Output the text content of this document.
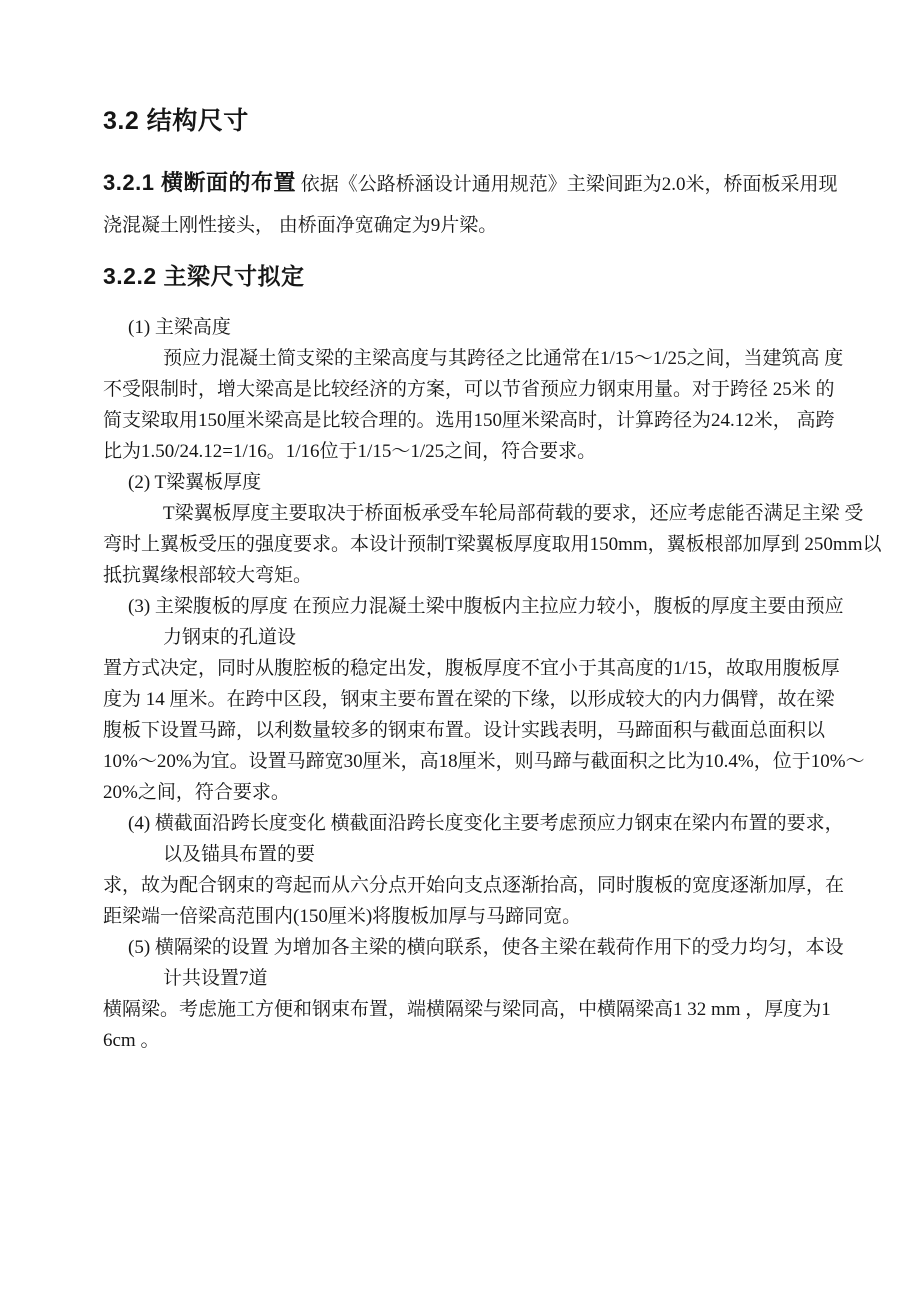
3.2 结构尺寸
3.2.1 横断面的布置 依据《公路桥涵设计通用规范》主梁间距为2.0米，桥面板采用现
浇混凝土刚性接头， 由桥面净宽确定为9片梁。
3.2.2 主梁尺寸拟定
(1) 主梁高度
预应力混凝土简支梁的主梁高度与其跨径之比通常在1/15〜1/25之间，当建筑高 度
不受限制时，增大梁高是比较经济的方案，可以节省预应力钢束用量。对于跨径 25米 的
简支梁取用150厘米梁高是比较合理的。选用150厘米梁高时，计算跨径为24.12米， 高跨
比为1.50/24.12=1/16。1/16位于1/15〜1/25之间，符合要求。
(2) T梁翼板厚度
T梁翼板厚度主要取决于桥面板承受车轮局部荷载的要求，还应考虑能否满足主梁 受
弯时上翼板受压的强度要求。本设计预制T梁翼板厚度取用150mm，翼板根部加厚到 250mm以
抵抗翼缘根部较大弯矩。
(3) 主梁腹板的厚度 在预应力混凝土梁中腹板内主拉应力较小，腹板的厚度主要由预应
力钢束的孔道设
置方式决定，同时从腹腔板的稳定出发，腹板厚度不宜小于其高度的1/15，故取用腹板厚
度为 14 厘米。在跨中区段，钢束主要布置在梁的下缘，以形成较大的内力偶臂，故在梁
腹板下设置马蹄，以利数量较多的钢束布置。设计实践表明，马蹄面积与截面总面积以
10%〜20%为宜。设置马蹄宽30厘米，高18厘米，则马蹄与截面积之比为10.4%，位于10%〜
20%之间，符合要求。
(4) 横截面沿跨长度变化 横截面沿跨长度变化主要考虑预应力钢束在梁内布置的要求，
以及锚具布置的要
求，故为配合钢束的弯起而从六分点开始向支点逐渐抬高，同时腹板的宽度逐渐加厚，在
距梁端一倍梁高范围内(150厘米)将腹板加厚与马蹄同宽。
(5) 横隔梁的设置 为增加各主梁的横向联系，使各主梁在载荷作用下的受力均匀，本设
计共设置7道
横隔梁。考虑施工方便和钢束布置，端横隔梁与梁同高，中横隔梁高1 32 mm ，厚度为1
6cm 。
